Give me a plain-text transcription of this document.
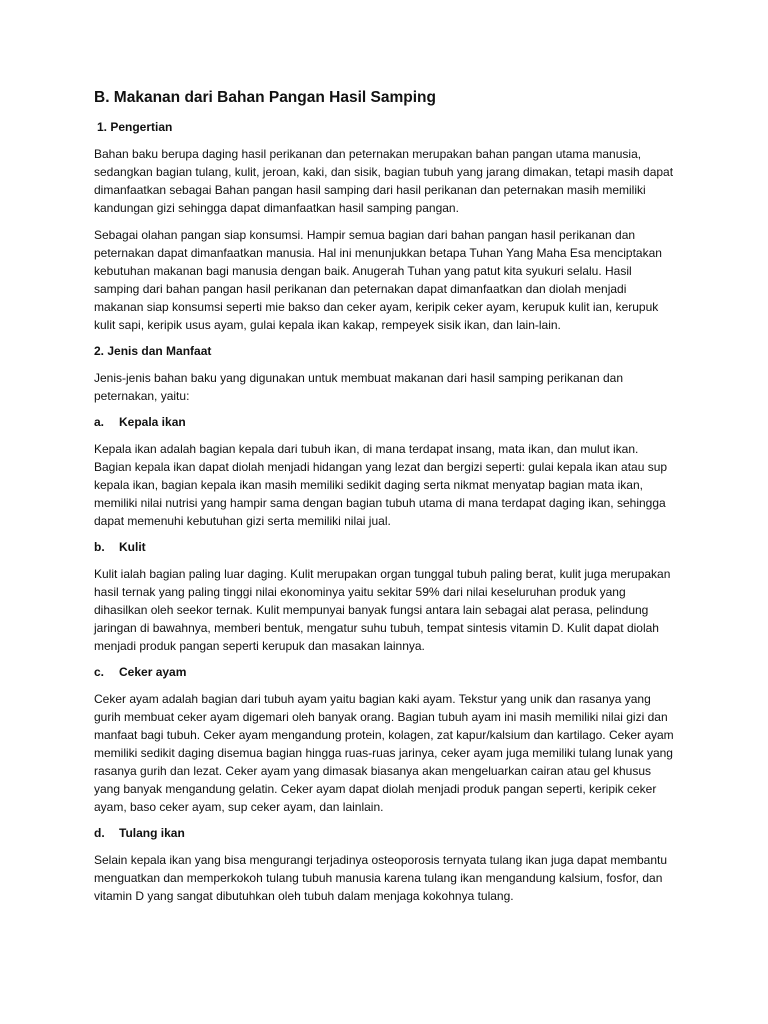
B. Makanan dari Bahan Pangan Hasil Samping
1. Pengertian

Bahan baku berupa daging hasil perikanan dan peternakan merupakan bahan pangan utama manusia, sedangkan bagian tulang, kulit, jeroan, kaki, dan sisik, bagian tubuh yang jarang dimakan, tetapi masih dapat dimanfaatkan sebagai Bahan pangan hasil samping dari hasil perikanan dan peternakan masih memiliki kandungan gizi sehingga dapat dimanfaatkan hasil samping pangan.

Sebagai olahan pangan siap konsumsi. Hampir semua bagian dari bahan pangan hasil perikanan dan peternakan dapat dimanfaatkan manusia. Hal ini menunjukkan betapa Tuhan Yang Maha Esa menciptakan kebutuhan makanan bagi manusia dengan baik. Anugerah Tuhan yang patut kita syukuri selalu. Hasil samping dari bahan pangan hasil perikanan dan peternakan dapat dimanfaatkan dan diolah menjadi makanan siap konsumsi seperti mie bakso dan ceker ayam, keripik ceker ayam, kerupuk kulit ian, kerupuk kulit sapi, keripik usus ayam, gulai kepala ikan kakap, rempeyek sisik ikan, dan lain-lain.

2. Jenis dan Manfaat

Jenis-jenis bahan baku yang digunakan untuk membuat makanan dari hasil samping perikanan dan peternakan, yaitu:

a. Kepala ikan

Kepala ikan adalah bagian kepala dari tubuh ikan, di mana terdapat insang, mata ikan, dan mulut ikan. Bagian kepala ikan dapat diolah menjadi hidangan yang lezat dan bergizi seperti: gulai kepala ikan atau sup kepala ikan, bagian kepala ikan masih memiliki sedikit daging serta nikmat menyatap bagian mata ikan, memiliki nilai nutrisi yang hampir sama dengan bagian tubuh utama di mana terdapat daging ikan, sehingga dapat memenuhi kebutuhan gizi serta memiliki nilai jual.

b. Kulit

Kulit ialah bagian paling luar daging. Kulit merupakan organ tunggal tubuh paling berat, kulit juga merupakan hasil ternak yang paling tinggi nilai ekonominya yaitu sekitar 59% dari nilai keseluruhan produk yang dihasilkan oleh seekor ternak. Kulit mempunyai banyak fungsi antara lain sebagai alat perasa, pelindung jaringan di bawahnya, memberi bentuk, mengatur suhu tubuh, tempat sintesis vitamin D. Kulit dapat diolah menjadi produk pangan seperti kerupuk dan masakan lainnya.

c. Ceker ayam

Ceker ayam adalah bagian dari tubuh ayam yaitu bagian kaki ayam. Tekstur yang unik dan rasanya yang gurih membuat ceker ayam digemari oleh banyak orang. Bagian tubuh ayam ini masih memiliki nilai gizi dan manfaat bagi tubuh. Ceker ayam mengandung protein, kolagen, zat kapur/kalsium dan kartilago. Ceker ayam memiliki sedikit daging disemua bagian hingga ruas-ruas jarinya, ceker ayam juga memiliki tulang lunak yang rasanya gurih dan lezat. Ceker ayam yang dimasak biasanya akan mengeluarkan cairan atau gel khusus yang banyak mengandung gelatin. Ceker ayam dapat diolah menjadi produk pangan seperti, keripik ceker ayam, baso ceker ayam, sup ceker ayam, dan lainlain.

d. Tulang ikan

Selain kepala ikan yang bisa mengurangi terjadinya osteoporosis ternyata tulang ikan juga dapat membantu menguatkan dan memperkokoh tulang tubuh manusia karena tulang ikan mengandung kalsium, fosfor, dan vitamin D yang sangat dibutuhkan oleh tubuh dalam menjaga kokohnya tulang.
